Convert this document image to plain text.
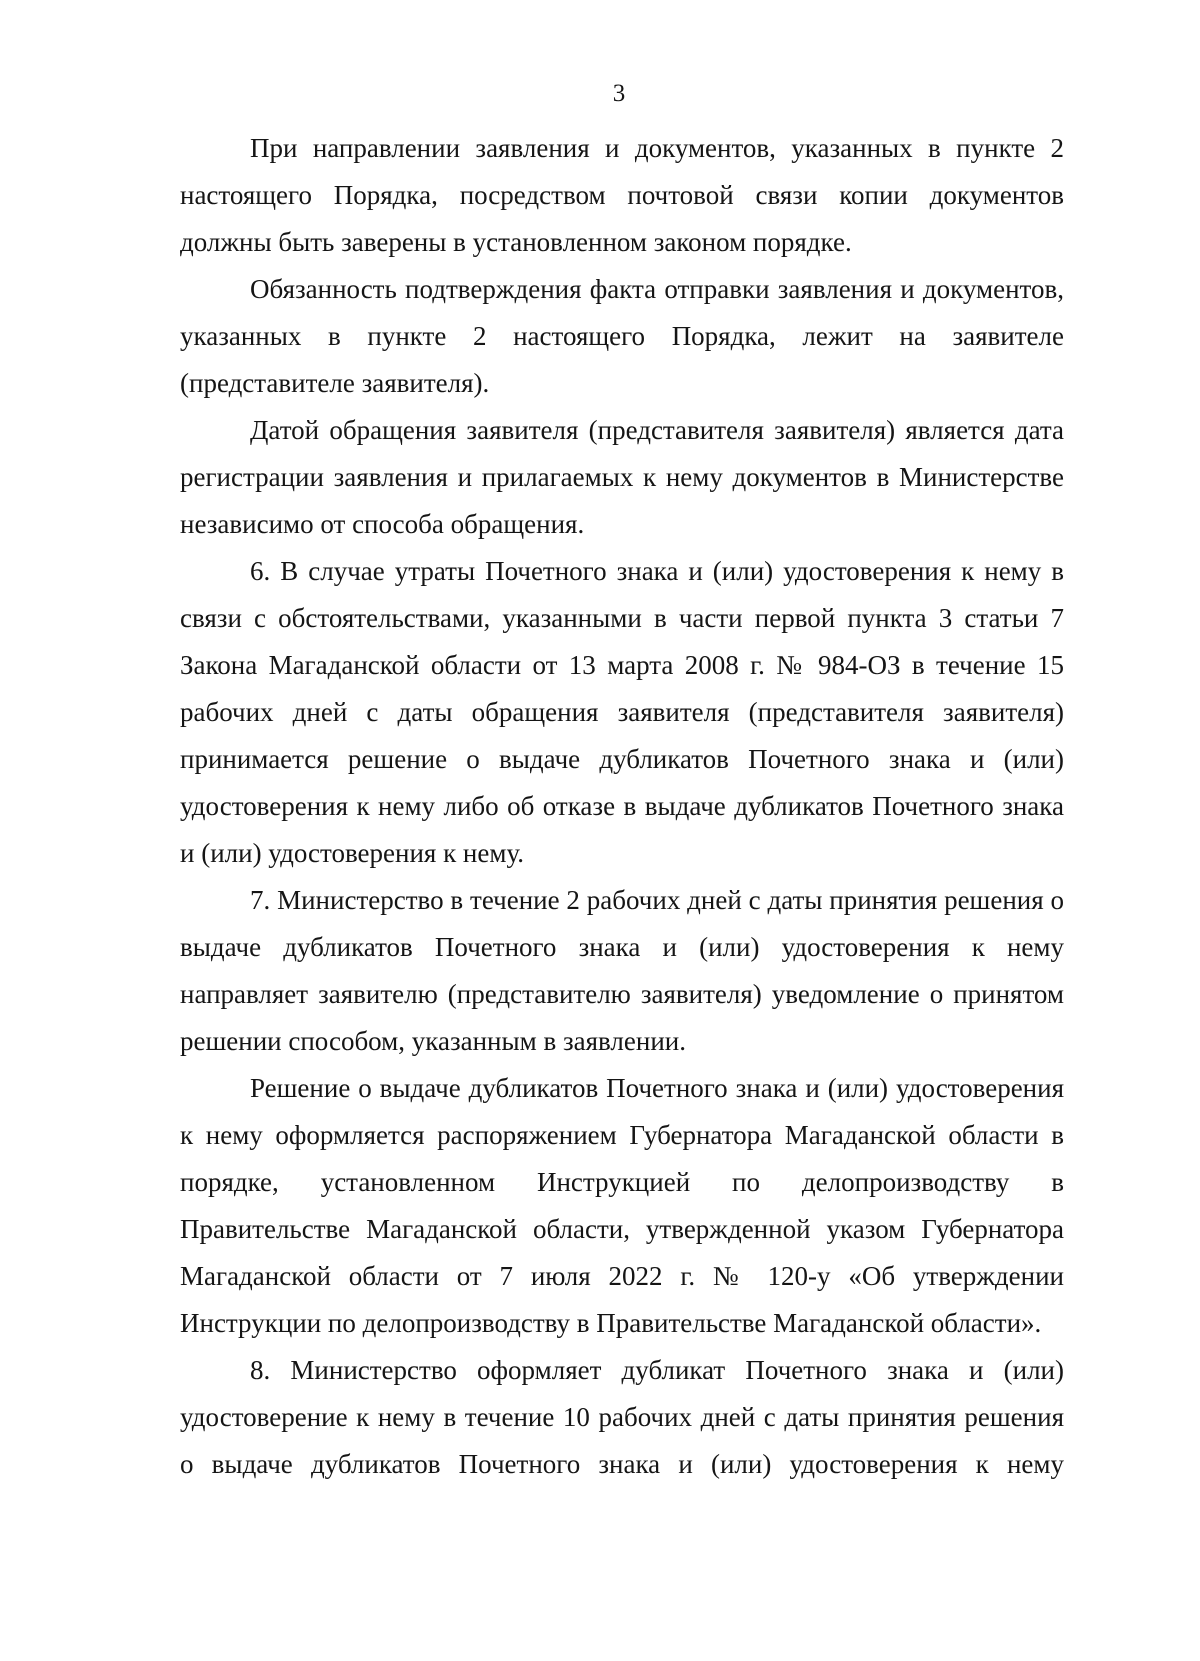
3

При направлении заявления и документов, указанных в пункте 2 настоящего Порядка, посредством почтовой связи копии документов должны быть заверены в установленном законом порядке.

Обязанность подтверждения факта отправки заявления и документов, указанных в пункте 2 настоящего Порядка, лежит на заявителе (представителе заявителя).

Датой обращения заявителя (представителя заявителя) является дата регистрации заявления и прилагаемых к нему документов в Министерстве независимо от способа обращения.

6. В случае утраты Почетного знака и (или) удостоверения к нему в связи с обстоятельствами, указанными в части первой пункта 3 статьи 7 Закона Магаданской области от 13 марта 2008 г. № 984-ОЗ в течение 15 рабочих дней с даты обращения заявителя (представителя заявителя) принимается решение о выдаче дубликатов Почетного знака и (или) удостоверения к нему либо об отказе в выдаче дубликатов Почетного знака и (или) удостоверения к нему.

7. Министерство в течение 2 рабочих дней с даты принятия решения о выдаче дубликатов Почетного знака и (или) удостоверения к нему направляет заявителю (представителю заявителя) уведомление о принятом решении способом, указанным в заявлении.

Решение о выдаче дубликатов Почетного знака и (или) удостоверения к нему оформляется распоряжением Губернатора Магаданской области в порядке, установленном Инструкцией по делопроизводству в Правительстве Магаданской области, утвержденной указом Губернатора Магаданской области от 7 июля 2022 г. № 120-у «Об утверждении Инструкции по делопроизводству в Правительстве Магаданской области».

8. Министерство оформляет дубликат Почетного знака и (или) удостоверение к нему в течение 10 рабочих дней с даты принятия решения о выдаче дубликатов Почетного знака и (или) удостоверения к нему
